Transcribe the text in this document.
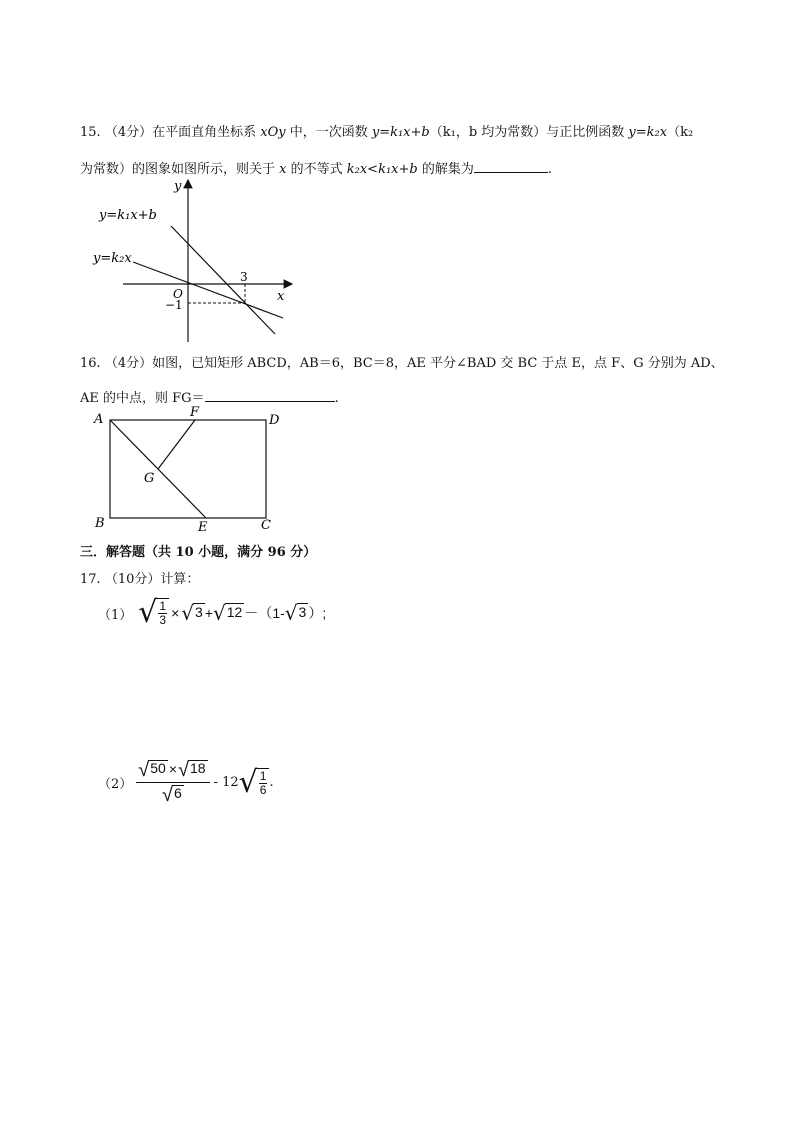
15. （4分）在平面直角坐标系 xOy 中，一次函数 y=k₁x+b（k₁，b 均为常数）与正比例函数 y=k₂x（k₂
为常数）的图象如图所示，则关于 x 的不等式 k₂x<k₁x+b 的解集为	.
y=k₁x+b
y=k₂x
y
x
O
3
−1
16. （4分）如图，已知矩形 ABCD，AB＝6，BC＝8，AE 平分∠BAD 交 BC 于点 E，点 F、G 分别为 AD、
AE 的中点，则 FG＝	.
A	D
F
G
B	E	C
三．解答题（共 10 小题，满分 96 分）
17. （10分）计算：
（1） √ $\frac{1}{3}$ × √ 3 + √ 12 －（1- √ 3 ）;
$(2) \frac{√ 50 \times √ 18}{√ 6} - 12$ √ $\frac{1}{6}$ .
